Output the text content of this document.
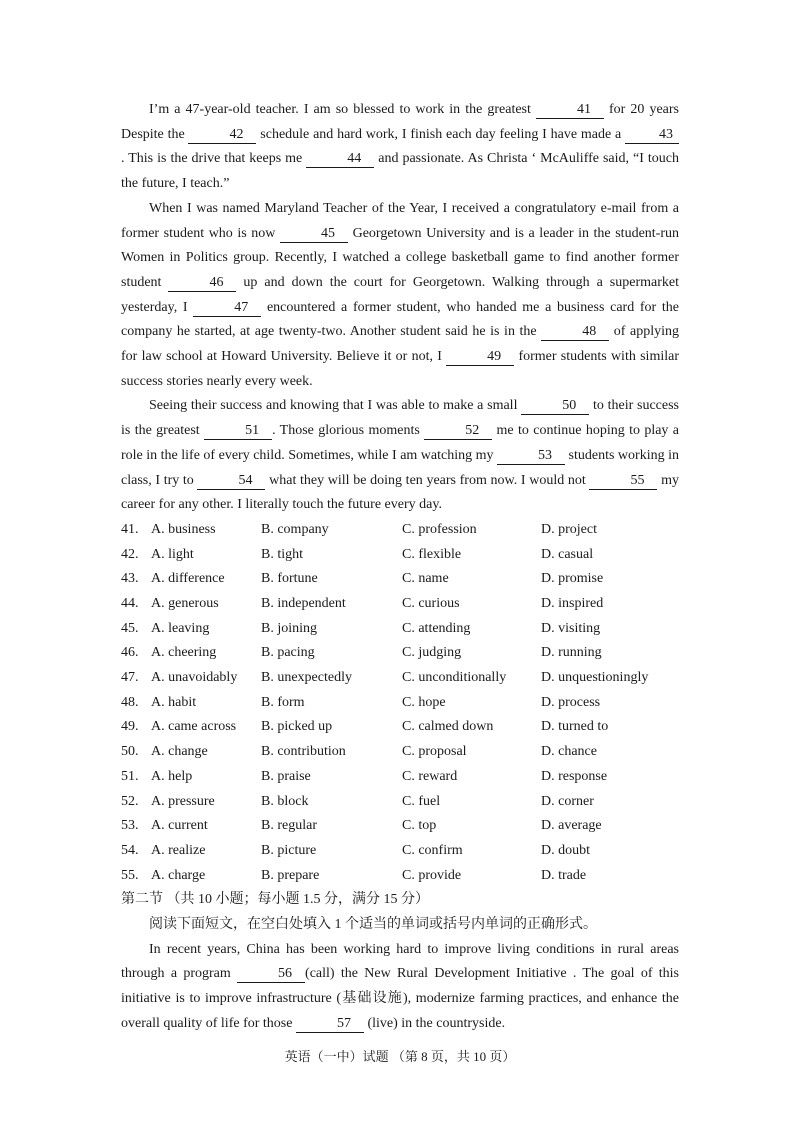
I’m a 47-year-old teacher. I am so blessed to work in the greatest	41 for 20 years Despite the	42 schedule and hard work, I finish each day feeling I have made a 43 . This is the drive that keeps me	44 and passionate. As Christa ‘ McAuliffe said, “I touch the future, I teach.”

When I was named Maryland Teacher of the Year, I received a congratulatory e-mail from a former student who is now	45 Georgetown University and is a leader in the student-run Women in Politics group. Recently, I watched a college basketball game to find another former student	46 up and down the court for Georgetown. Walking through a supermarket yesterday, I	47 encountered a former student, who handed me a business card for the company he started, at age twenty-two. Another student said he is in the	48 of applying for law school at Howard University. Believe it or not, I	49 former students with similar success stories nearly every week.

Seeing their success and knowing that I was able to make a small	50 to their success is the greatest	51 . Those glorious moments	52 me to continue hoping to play a role in the life of every child. Sometimes, while I am watching my	53 students working in class, I try to	54 what they will be doing ten years from now. I would not	55 my career for any other. I literally touch the future every day.

41. A. business	B. company	C. profession	D. project
42. A. light	B. tight	C. flexible	D. casual
43. A. difference	B. fortune	C. name	D. promise
44. A. generous	B. independent	C. curious	D. inspired
45. A. leaving	B. joining	C. attending	D. visiting
46. A. cheering	B. pacing	C. judging	D. running
47. A. unavoidably	B. unexpectedly	C. unconditionally	D. unquestioningly
48. A. habit	B. form	C. hope	D. process
49. A. came across	B. picked up	C. calmed down	D. turned to
50. A. change	B. contribution	C. proposal	D. chance
51. A. help	B. praise	C. reward	D. response
52. A. pressure	B. block	C. fuel	D. corner
53. A. current	B. regular	C. top	D. average
54. A. realize	B. picture	C. confirm	D. doubt
55. A. charge	B. prepare	C. provide	D. trade

第二节 （共 10 小题；每小题 1.5 分，满分 15 分）

阅读下面短文，在空白处填入 1 个适当的单词或括号内单词的正确形式。

In recent years, China has been working hard to improve living conditions in rural areas through a program	56 (call) the New Rural Development Initiative . The goal of this initiative is to improve infrastructure (基础设施), modernize farming practices, and enhance the overall quality of life for those	57 (live) in the countryside.

英语（一中）试题 （第 8 页，共 10 页）
